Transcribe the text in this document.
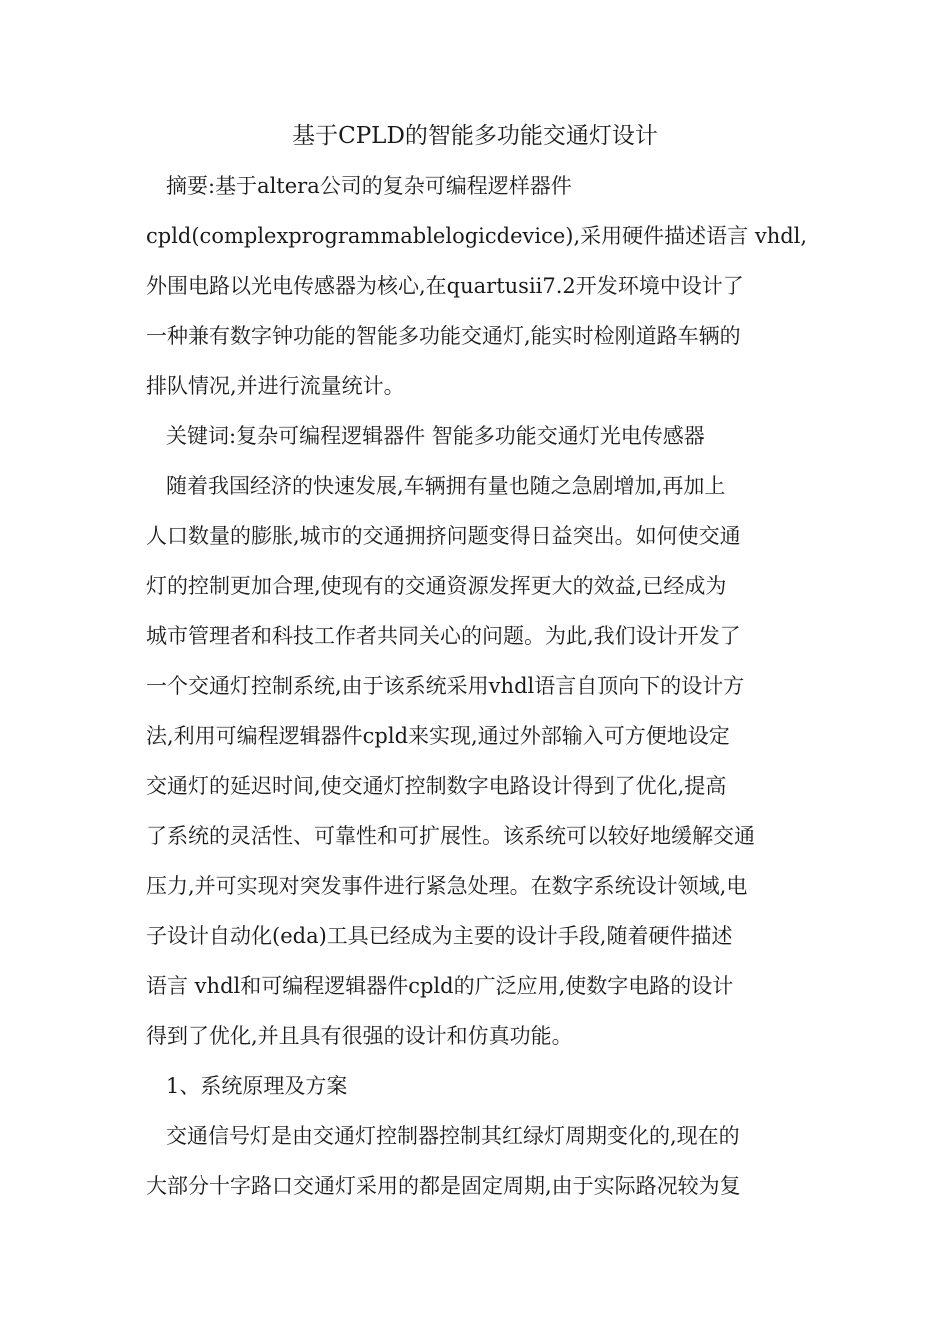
基于CPLD的智能多功能交通灯设计
摘要:基于altera公司的复杂可编程逻样器件
cpld(complexprogrammablelogicdevice),采用硬件描述语言 vhdl,
外围电路以光电传感器为核心,在quartusii7.2开发环境中设计了
一种兼有数字钟功能的智能多功能交通灯,能实时检刚道路车辆的
排队情况,并进行流量统计。
关键词:复杂可编程逻辑器件 智能多功能交通灯光电传感器
随着我国经济的快速发展,车辆拥有量也随之急剧增加,再加上
人口数量的膨胀,城市的交通拥挤问题变得日益突出。如何使交通
灯的控制更加合理,使现有的交通资源发挥更大的效益,已经成为
城市管理者和科技工作者共同关心的问题。为此,我们设计开发了
一个交通灯控制系统,由于该系统采用vhdl语言自顶向下的设计方
法,利用可编程逻辑器件cpld来实现,通过外部输入可方便地设定
交通灯的延迟时间,使交通灯控制数字电路设计得到了优化,提高
了系统的灵活性、可靠性和可扩展性。该系统可以较好地缓解交通
压力,并可实现对突发事件进行紧急处理。在数字系统设计领域,电
子设计自动化(eda)工具已经成为主要的设计手段,随着硬件描述
语言 vhdl和可编程逻辑器件cpld的广泛应用,使数字电路的设计
得到了优化,并且具有很强的设计和仿真功能。
1、系统原理及方案
交通信号灯是由交通灯控制器控制其红绿灯周期变化的,现在的
大部分十字路口交通灯采用的都是固定周期,由于实际路况较为复
